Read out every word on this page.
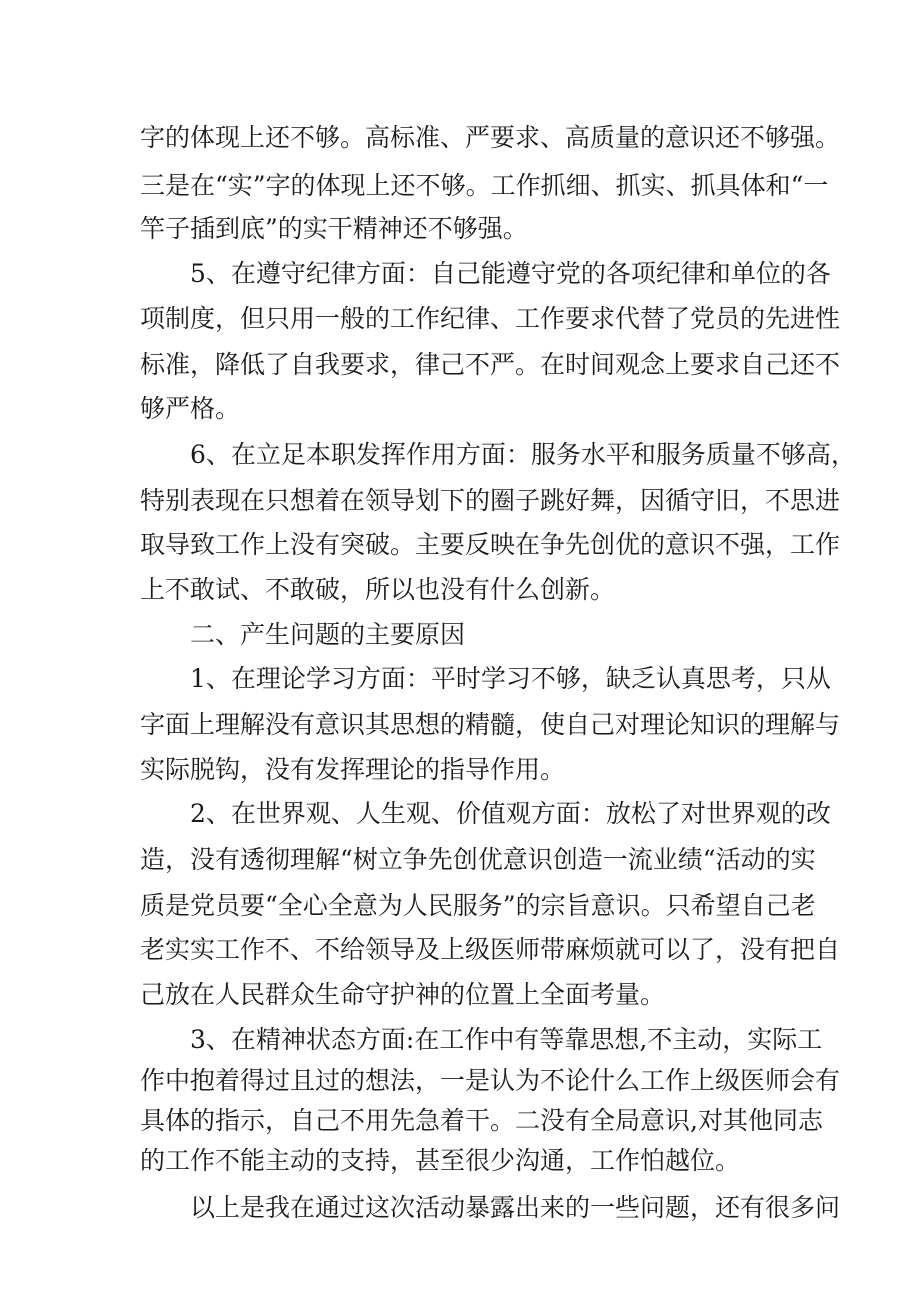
字的体现上还不够。高标准、严要求、高质量的意识还不够强。
三是在“实”字的体现上还不够。工作抓细、抓实、抓具体和“一
竿子插到底”的实干精神还不够强。
5、在遵守纪律方面：自己能遵守党的各项纪律和单位的各
项制度，但只用一般的工作纪律、工作要求代替了党员的先进性
标准，降低了自我要求，律己不严。在时间观念上要求自己还不
够严格。
6、在立足本职发挥作用方面：服务水平和服务质量不够高，
特别表现在只想着在领导划下的圈子跳好舞，因循守旧，不思进
取导致工作上没有突破。主要反映在争先创优的意识不强，工作
上不敢试、不敢破，所以也没有什么创新。
二、产生问题的主要原因
1、在理论学习方面：平时学习不够，缺乏认真思考，只从
字面上理解没有意识其思想的精髓，使自己对理论知识的理解与
实际脱钩，没有发挥理论的指导作用。
2、在世界观、人生观、价值观方面：放松了对世界观的改
造，没有透彻理解“树立争先创优意识创造一流业绩“活动的实
质是党员要“全心全意为人民服务”的宗旨意识。只希望自己老
老实实工作不、不给领导及上级医师带麻烦就可以了，没有把自
己放在人民群众生命守护神的位置上全面考量。
3、在精神状态方面:在工作中有等靠思想,不主动，实际工
作中抱着得过且过的想法，一是认为不论什么工作上级医师会有
具体的指示，自己不用先急着干。二没有全局意识,对其他同志
的工作不能主动的支持，甚至很少沟通，工作怕越位。
以上是我在通过这次活动暴露出来的一些问题，还有很多问
